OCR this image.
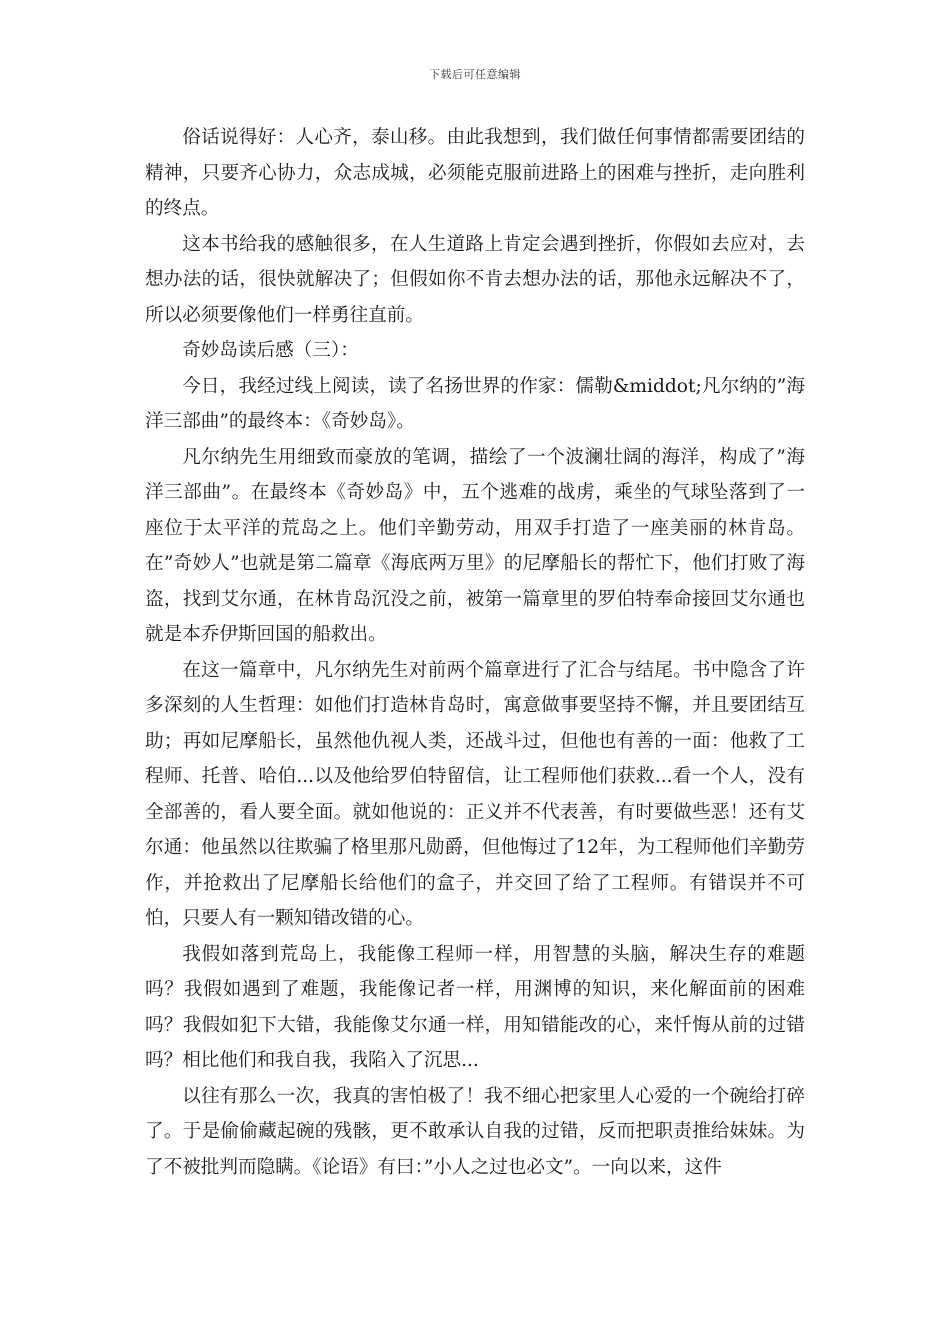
下载后可任意编辑

俗话说得好：人心齐，泰山移。由此我想到，我们做任何事情都需要团结的精神，只要齐心协力，众志成城，必须能克服前进路上的困难与挫折，走向胜利的终点。

这本书给我的感触很多，在人生道路上肯定会遇到挫折，你假如去应对，去想办法的话，很快就解决了；但假如你不肯去想办法的话，那他永远解决不了，所以必须要像他们一样勇往直前。

奇妙岛读后感（三）：

今日，我经过线上阅读，读了名扬世界的作家：儒勒&middot;凡尔纳的”海洋三部曲”的最终本：《奇妙岛》。

凡尔纳先生用细致而豪放的笔调，描绘了一个波澜壮阔的海洋，构成了”海洋三部曲”。在最终本《奇妙岛》中，五个逃难的战虏，乘坐的气球坠落到了一座位于太平洋的荒岛之上。他们辛勤劳动，用双手打造了一座美丽的林肯岛。在”奇妙人”也就是第二篇章《海底两万里》的尼摩船长的帮忙下，他们打败了海盗，找到艾尔通，在林肯岛沉没之前，被第一篇章里的罗伯特奉命接回艾尔通也就是本乔伊斯回国的船救出。

在这一篇章中，凡尔纳先生对前两个篇章进行了汇合与结尾。书中隐含了许多深刻的人生哲理：如他们打造林肯岛时，寓意做事要坚持不懈，并且要团结互助；再如尼摩船长，虽然他仇视人类，还战斗过，但他也有善的一面：他救了工程师、托普、哈伯...以及他给罗伯特留信，让工程师他们获救...看一个人，没有全部善的，看人要全面。就如他说的：正义并不代表善，有时要做些恶！还有艾尔通：他虽然以往欺骗了格里那凡勋爵，但他悔过了12年，为工程师他们辛勤劳作，并抢救出了尼摩船长给他们的盒子，并交回了给了工程师。有错误并不可怕，只要人有一颗知错改错的心。

我假如落到荒岛上，我能像工程师一样，用智慧的头脑，解决生存的难题吗？我假如遇到了难题，我能像记者一样，用渊博的知识，来化解面前的困难吗？我假如犯下大错，我能像艾尔通一样，用知错能改的心，来忏悔从前的过错吗？相比他们和我自我，我陷入了沉思...

以往有那么一次，我真的害怕极了！我不细心把家里人心爱的一个碗给打碎了。于是偷偷藏起碗的残骸，更不敢承认自我的过错，反而把职责推给妹妹。为了不被批判而隐瞒。《论语》有曰：”小人之过也必文”。一向以来，这件
